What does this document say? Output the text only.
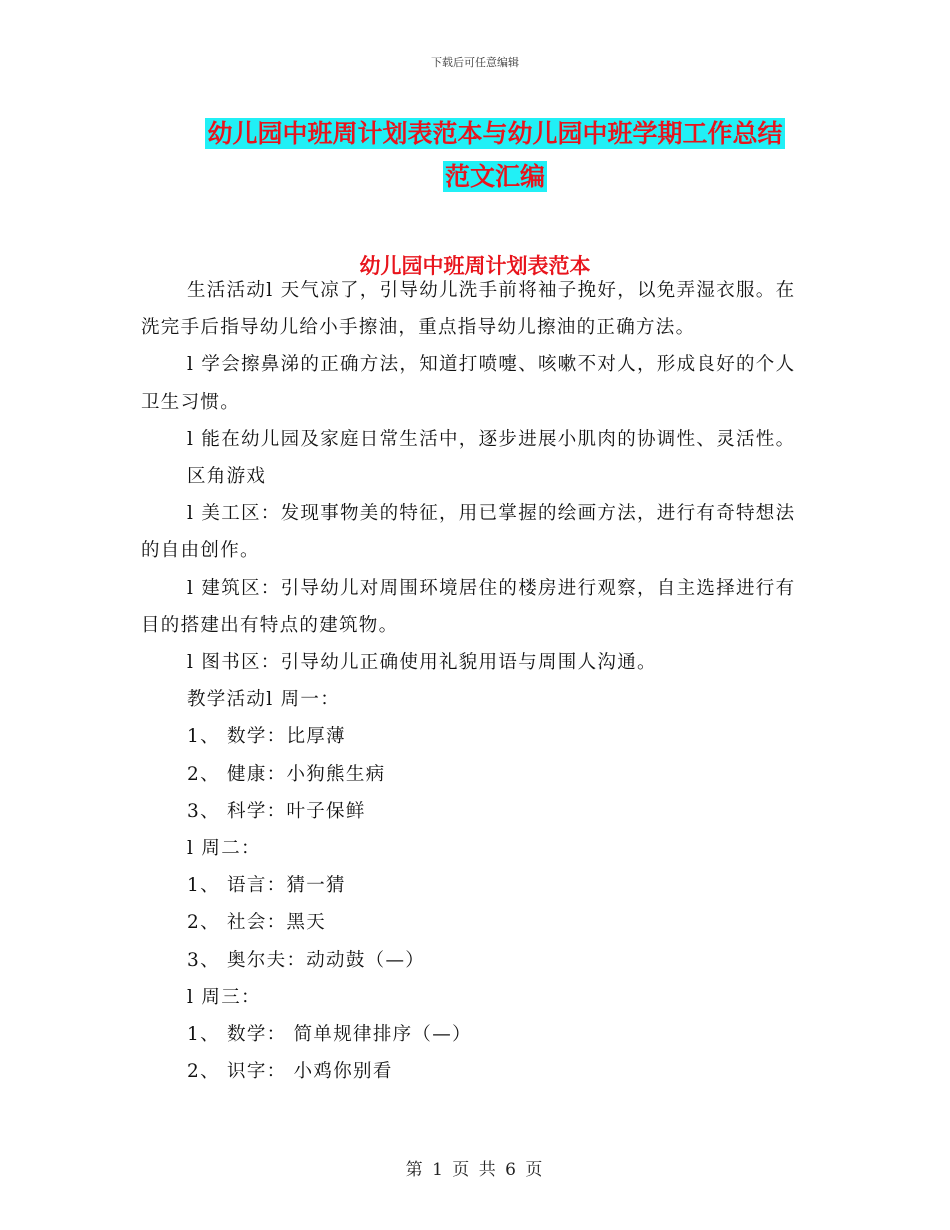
下载后可任意编辑
幼儿园中班周计划表范本与幼儿园中班学期工作总结
范文汇编
幼儿园中班周计划表范本

生活活动l 天气凉了，引导幼儿洗手前将袖子挽好，以免弄湿衣服。在洗完手后指导幼儿给小手擦油，重点指导幼儿擦油的正确方法。

l 学会擦鼻涕的正确方法，知道打喷嚏、咳嗽不对人，形成良好的个人卫生习惯。

l 能在幼儿园及家庭日常生活中，逐步进展小肌肉的协调性、灵活性。

区角游戏

l 美工区：发现事物美的特征，用已掌握的绘画方法，进行有奇特想法的自由创作。

l 建筑区：引导幼儿对周围环境居住的楼房进行观察，自主选择进行有目的搭建出有特点的建筑物。

l 图书区：引导幼儿正确使用礼貌用语与周围人沟通。

教学活动l 周一：

1、 数学：比厚薄

2、 健康：小狗熊生病

3、 科学：叶子保鲜

l 周二：

1、 语言：猜一猜

2、 社会：黑天

3、 奥尔夫：动动鼓（—）

l 周三：

1、 数学： 简单规律排序（—）

2、 识字： 小鸡你别看

第 1 页 共 6 页
